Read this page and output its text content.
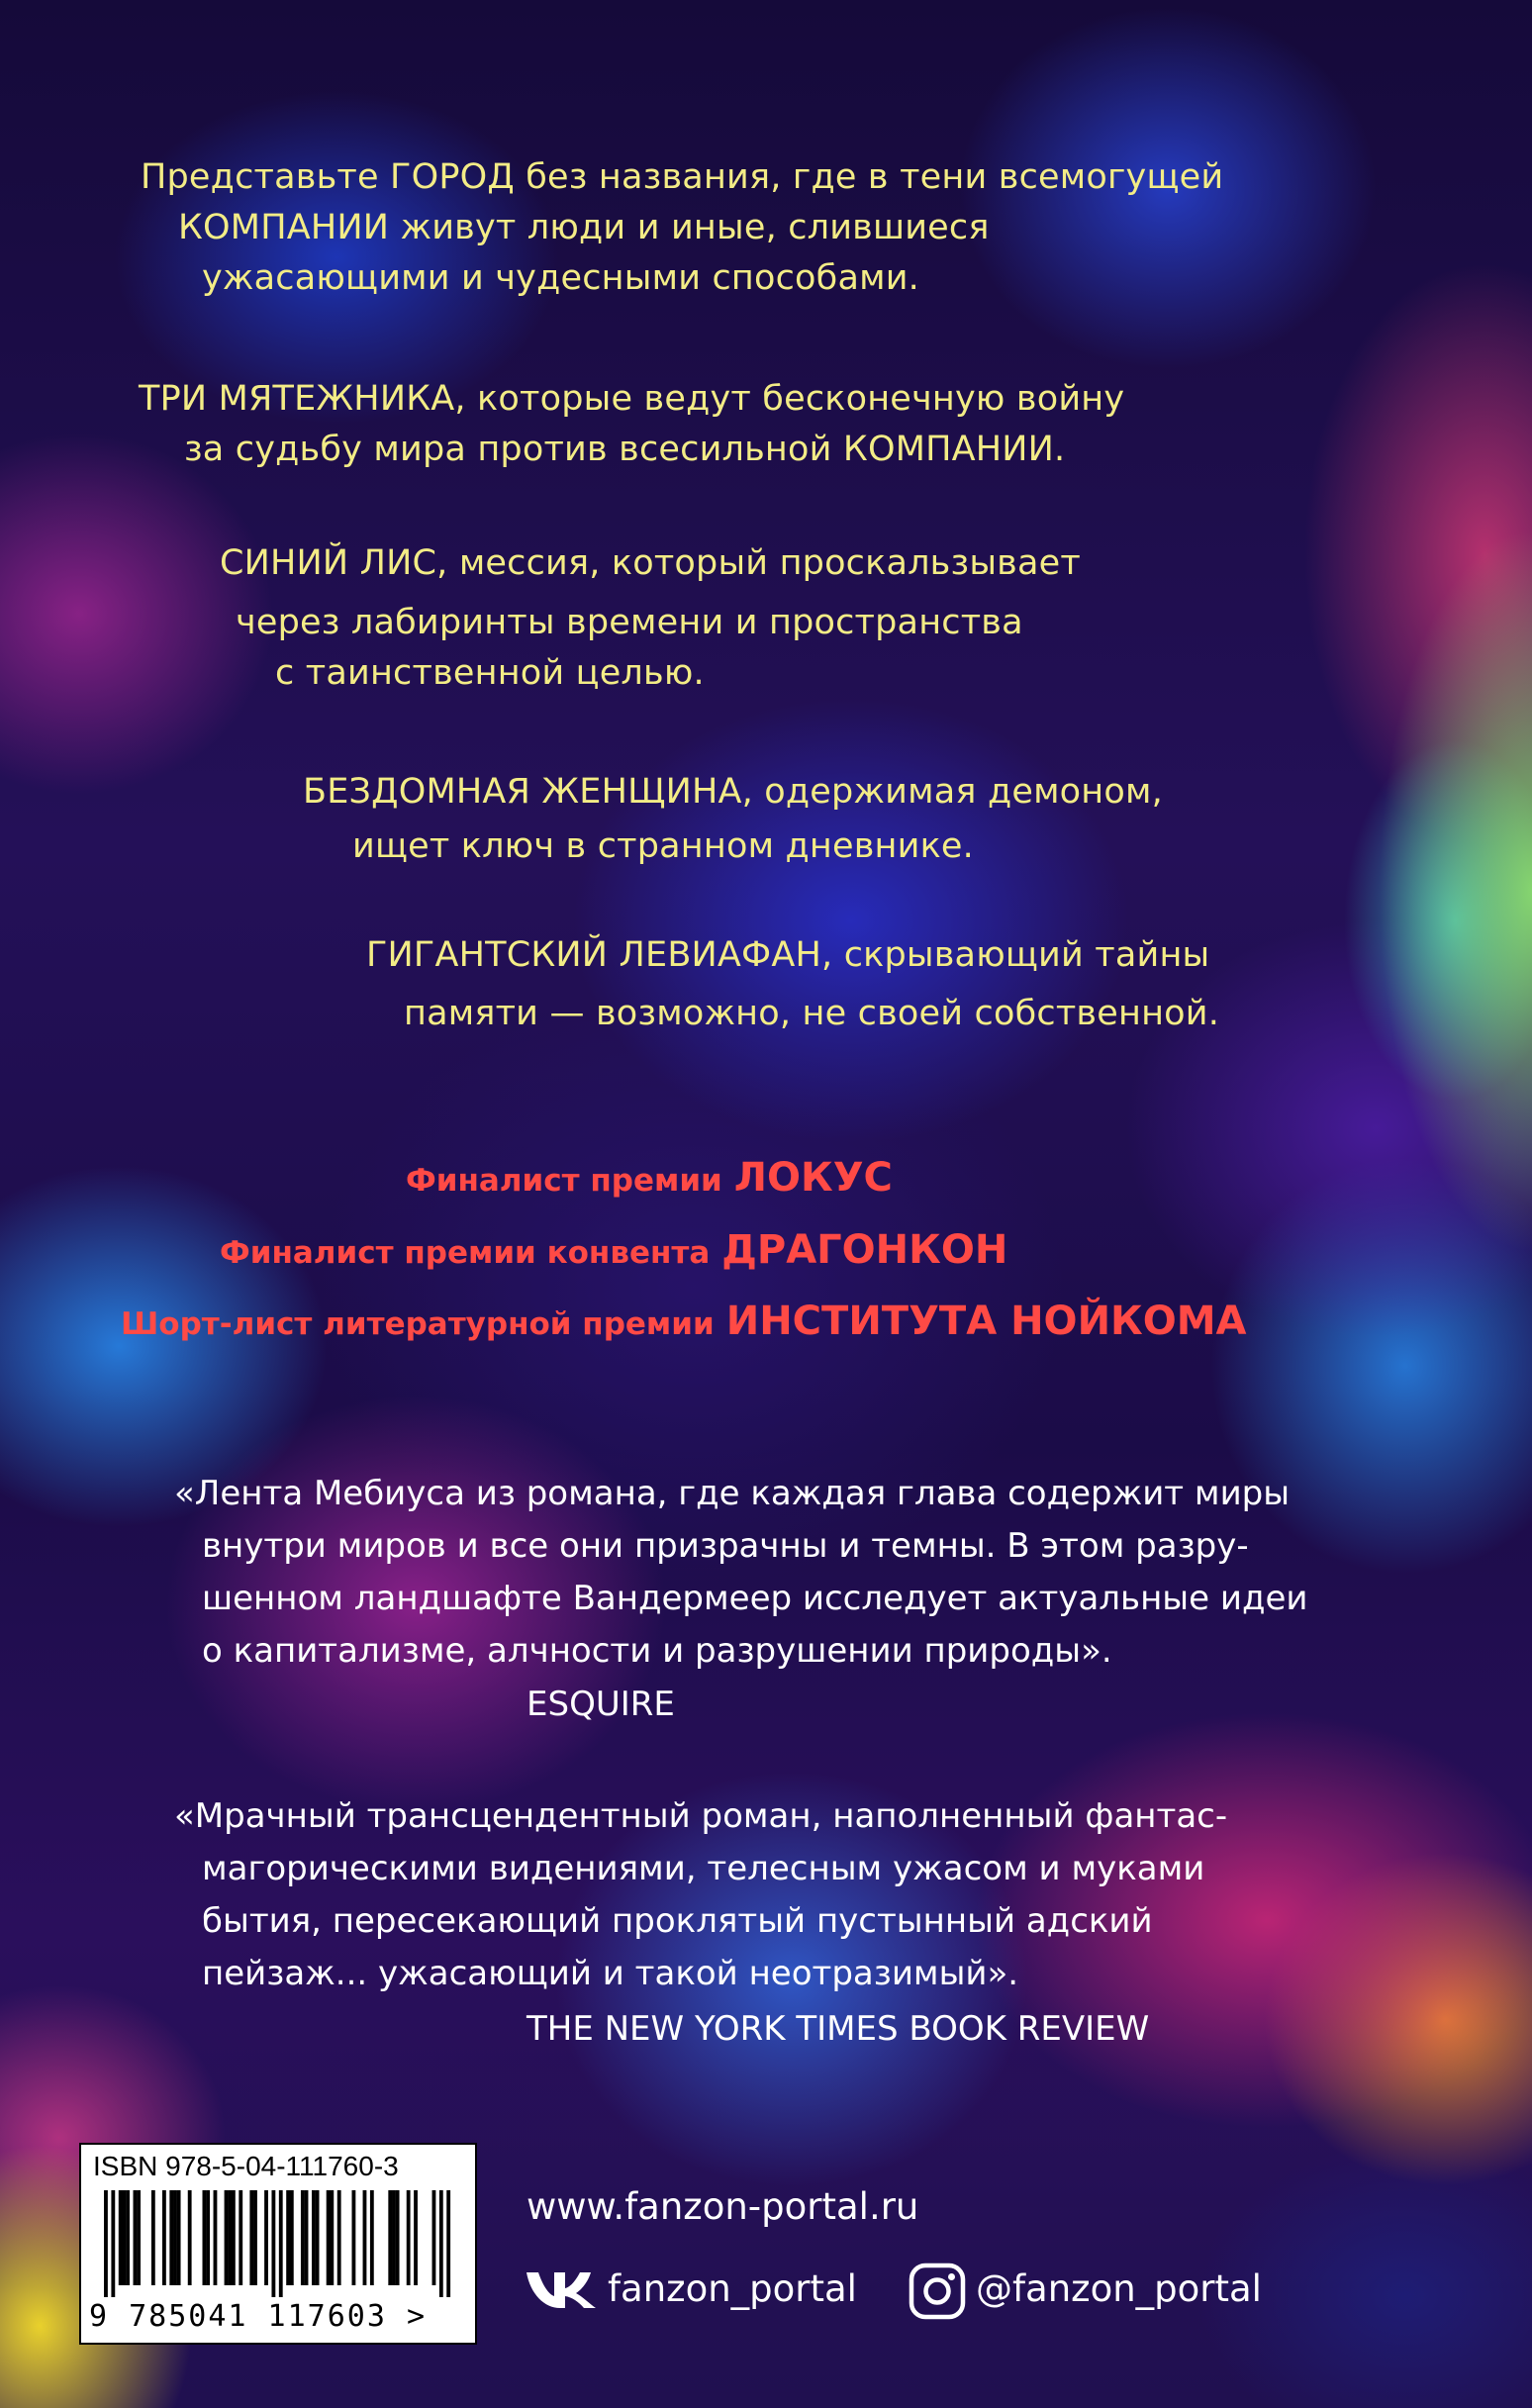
Представьте ГОРОД без названия, где в тени всемогущей
КОМПАНИИ живут люди и иные, слившиеся
ужасающими и чудесными способами.
ТРИ МЯТЕЖНИКА, которые ведут бесконечную войну
за судьбу мира против всесильной КОМПАНИИ.
СИНИЙ ЛИС, мессия, который проскальзывает
через лабиринты времени и пространства
с таинственной целью.
БЕЗДОМНАЯ ЖЕНЩИНА, одержимая демоном,
ищет ключ в странном дневнике.
ГИГАНТСКИЙ ЛЕВИАФАН, скрывающий тайны
памяти — возможно, не своей собственной.
Финалист премии ЛОКУС
Финалист премии конвента ДРАГОНКОН
Шорт-лист литературной премии ИНСТИТУТА НОЙКОМА
«Лента Мебиуса из романа, где каждая глава содержит миры
внутри миров и все они призрачны и темны. В этом разру-
шенном ландшафте Вандермеер исследует актуальные идеи
о капитализме, алчности и разрушении природы».
ESQUIRE
«Мрачный трансцендентный роман, наполненный фантас-
магорическими видениями, телесным ужасом и муками
бытия, пересекающий проклятый пустынный адский
пейзаж... ужасающий и такой неотразимый».
THE NEW YORK TIMES BOOK REVIEW
ISBN 978-5-04-111760-3
9 785041 117603 >
www.fanzon-portal.ru
fanzon_portal	@fanzon_portal
